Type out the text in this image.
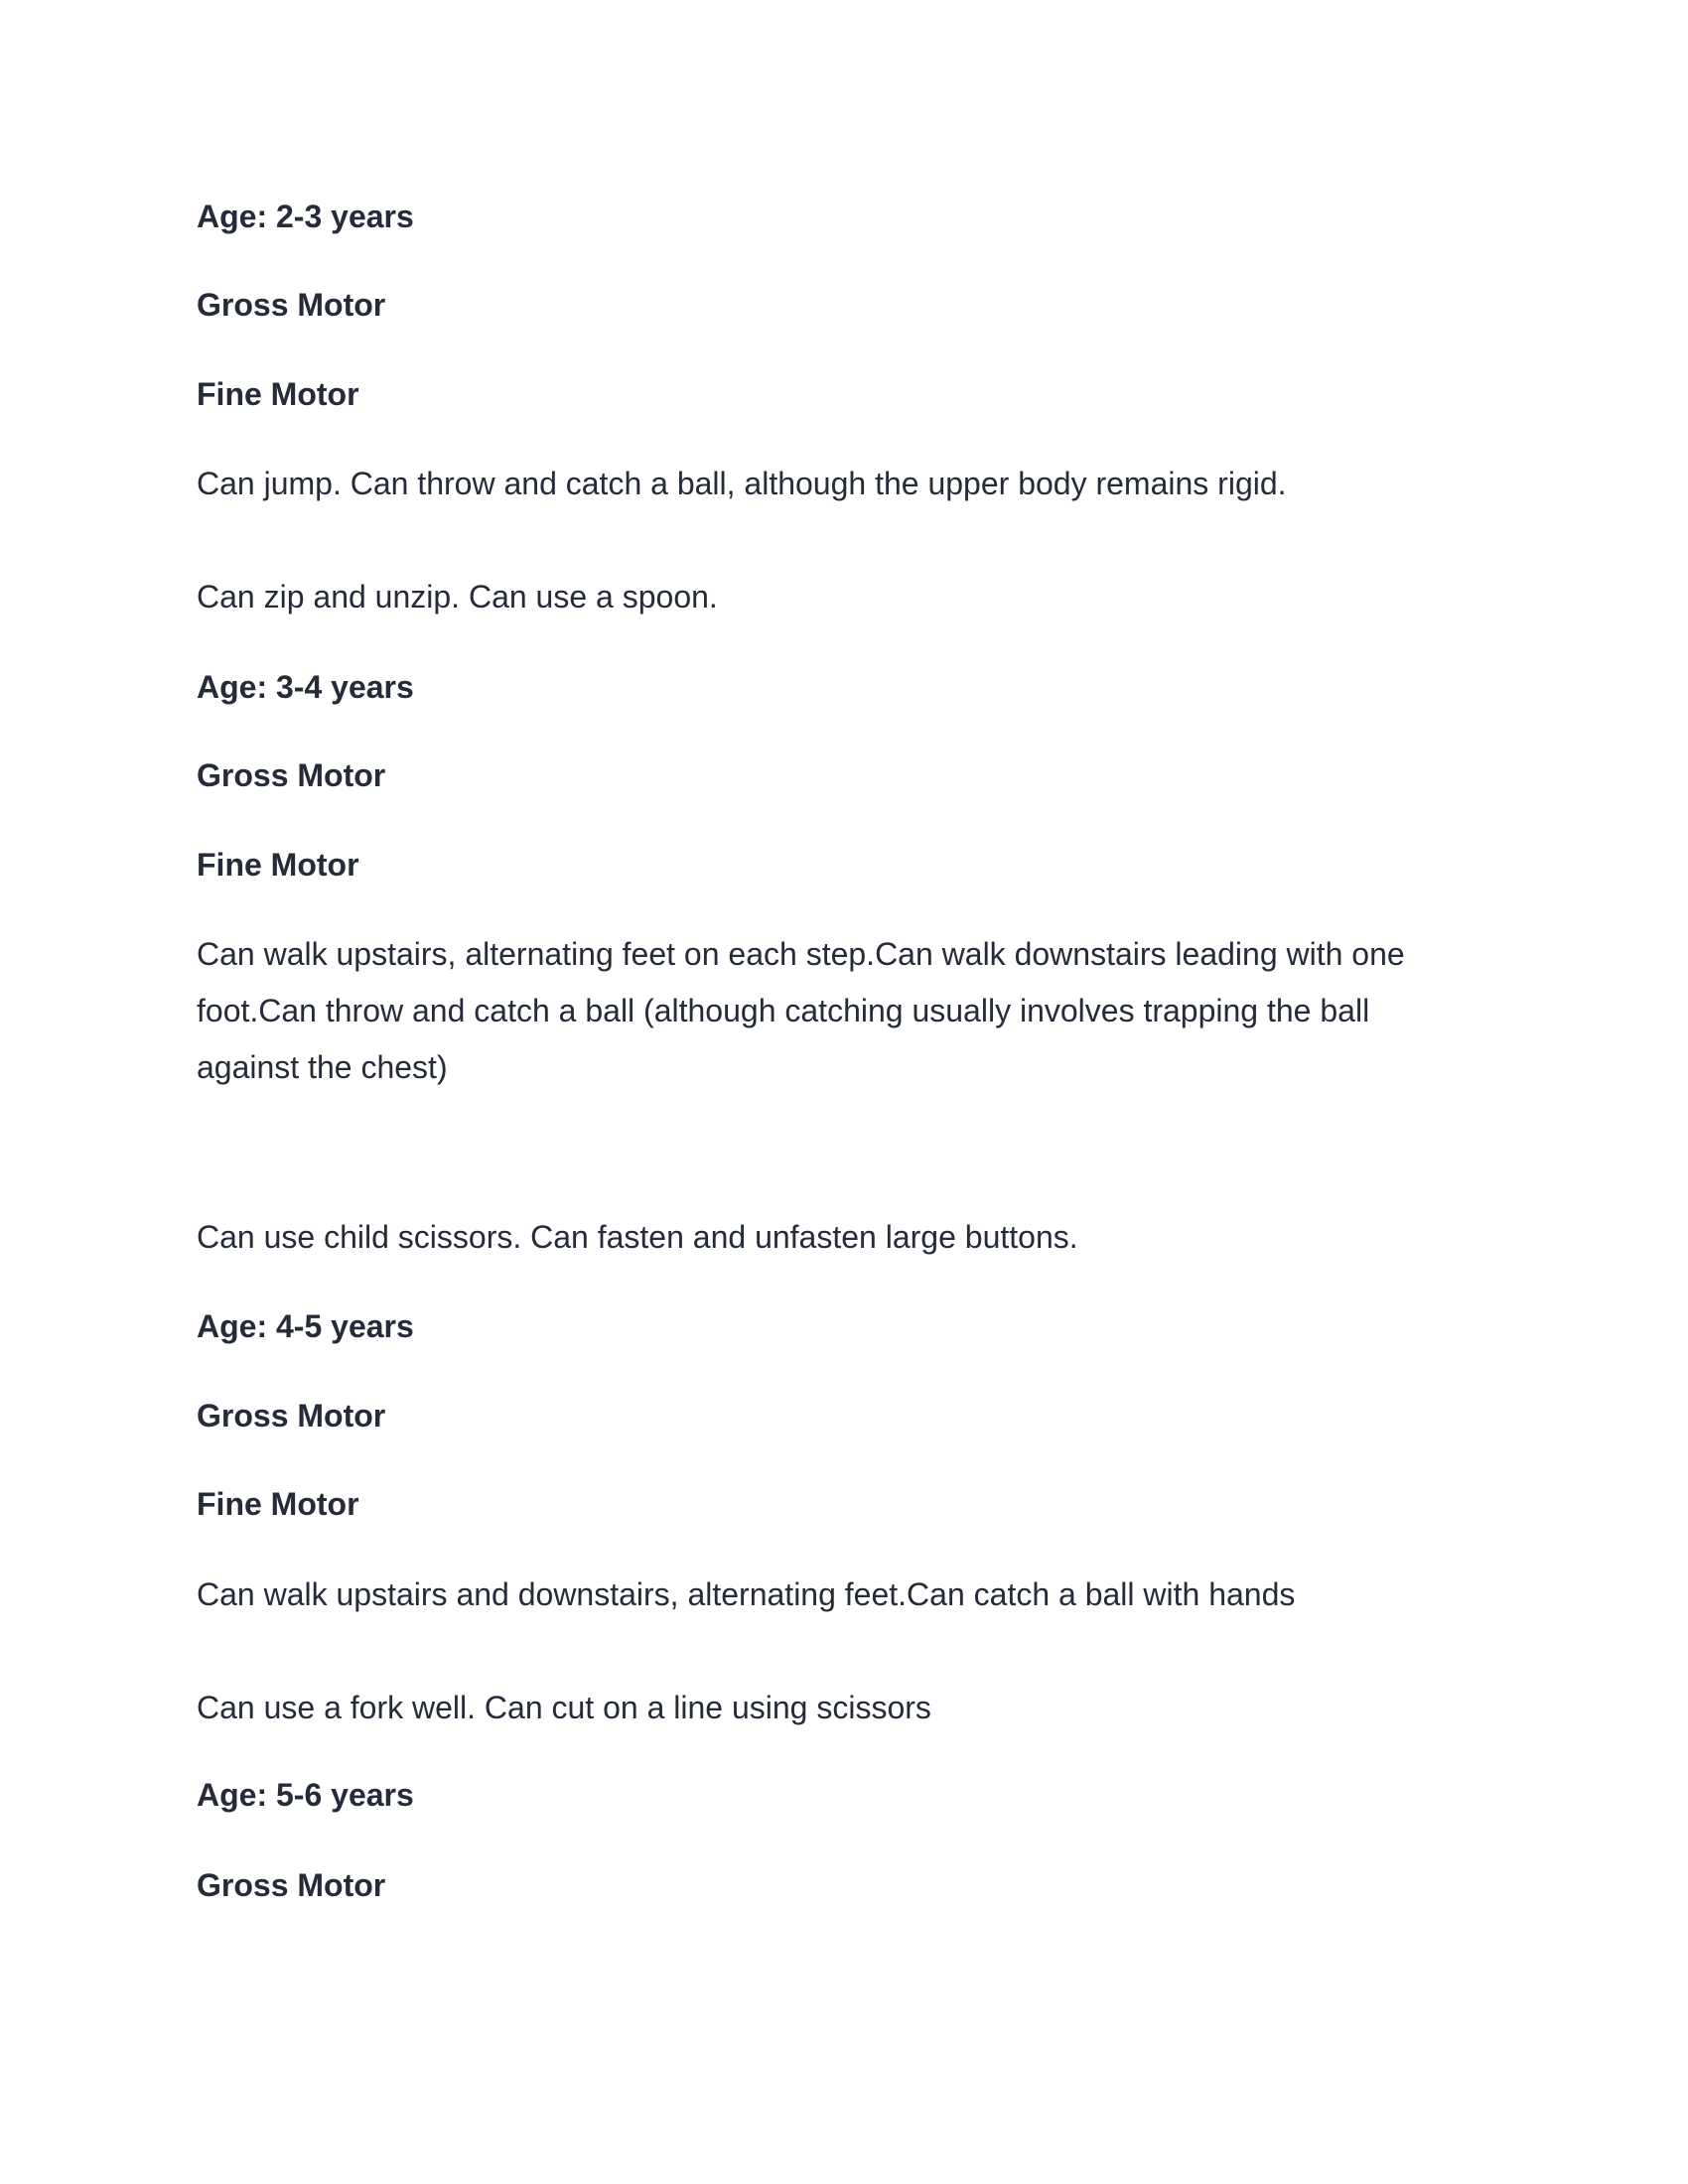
Age: 2-3 years
Gross Motor
Fine Motor

Can jump. Can throw and catch a ball, although the upper body remains rigid.

Can zip and unzip. Can use a spoon.

Age: 3-4 years
Gross Motor
Fine Motor

Can walk upstairs, alternating feet on each step.Can walk downstairs leading with one

foot.Can throw and catch a ball (although catching usually involves trapping the ball

against the chest)

Can use child scissors. Can fasten and unfasten large buttons.

Age: 4-5 years
Gross Motor
Fine Motor

Can walk upstairs and downstairs, alternating feet.Can catch a ball with hands

Can use a fork well. Can cut on a line using scissors

Age: 5-6 years
Gross Motor
